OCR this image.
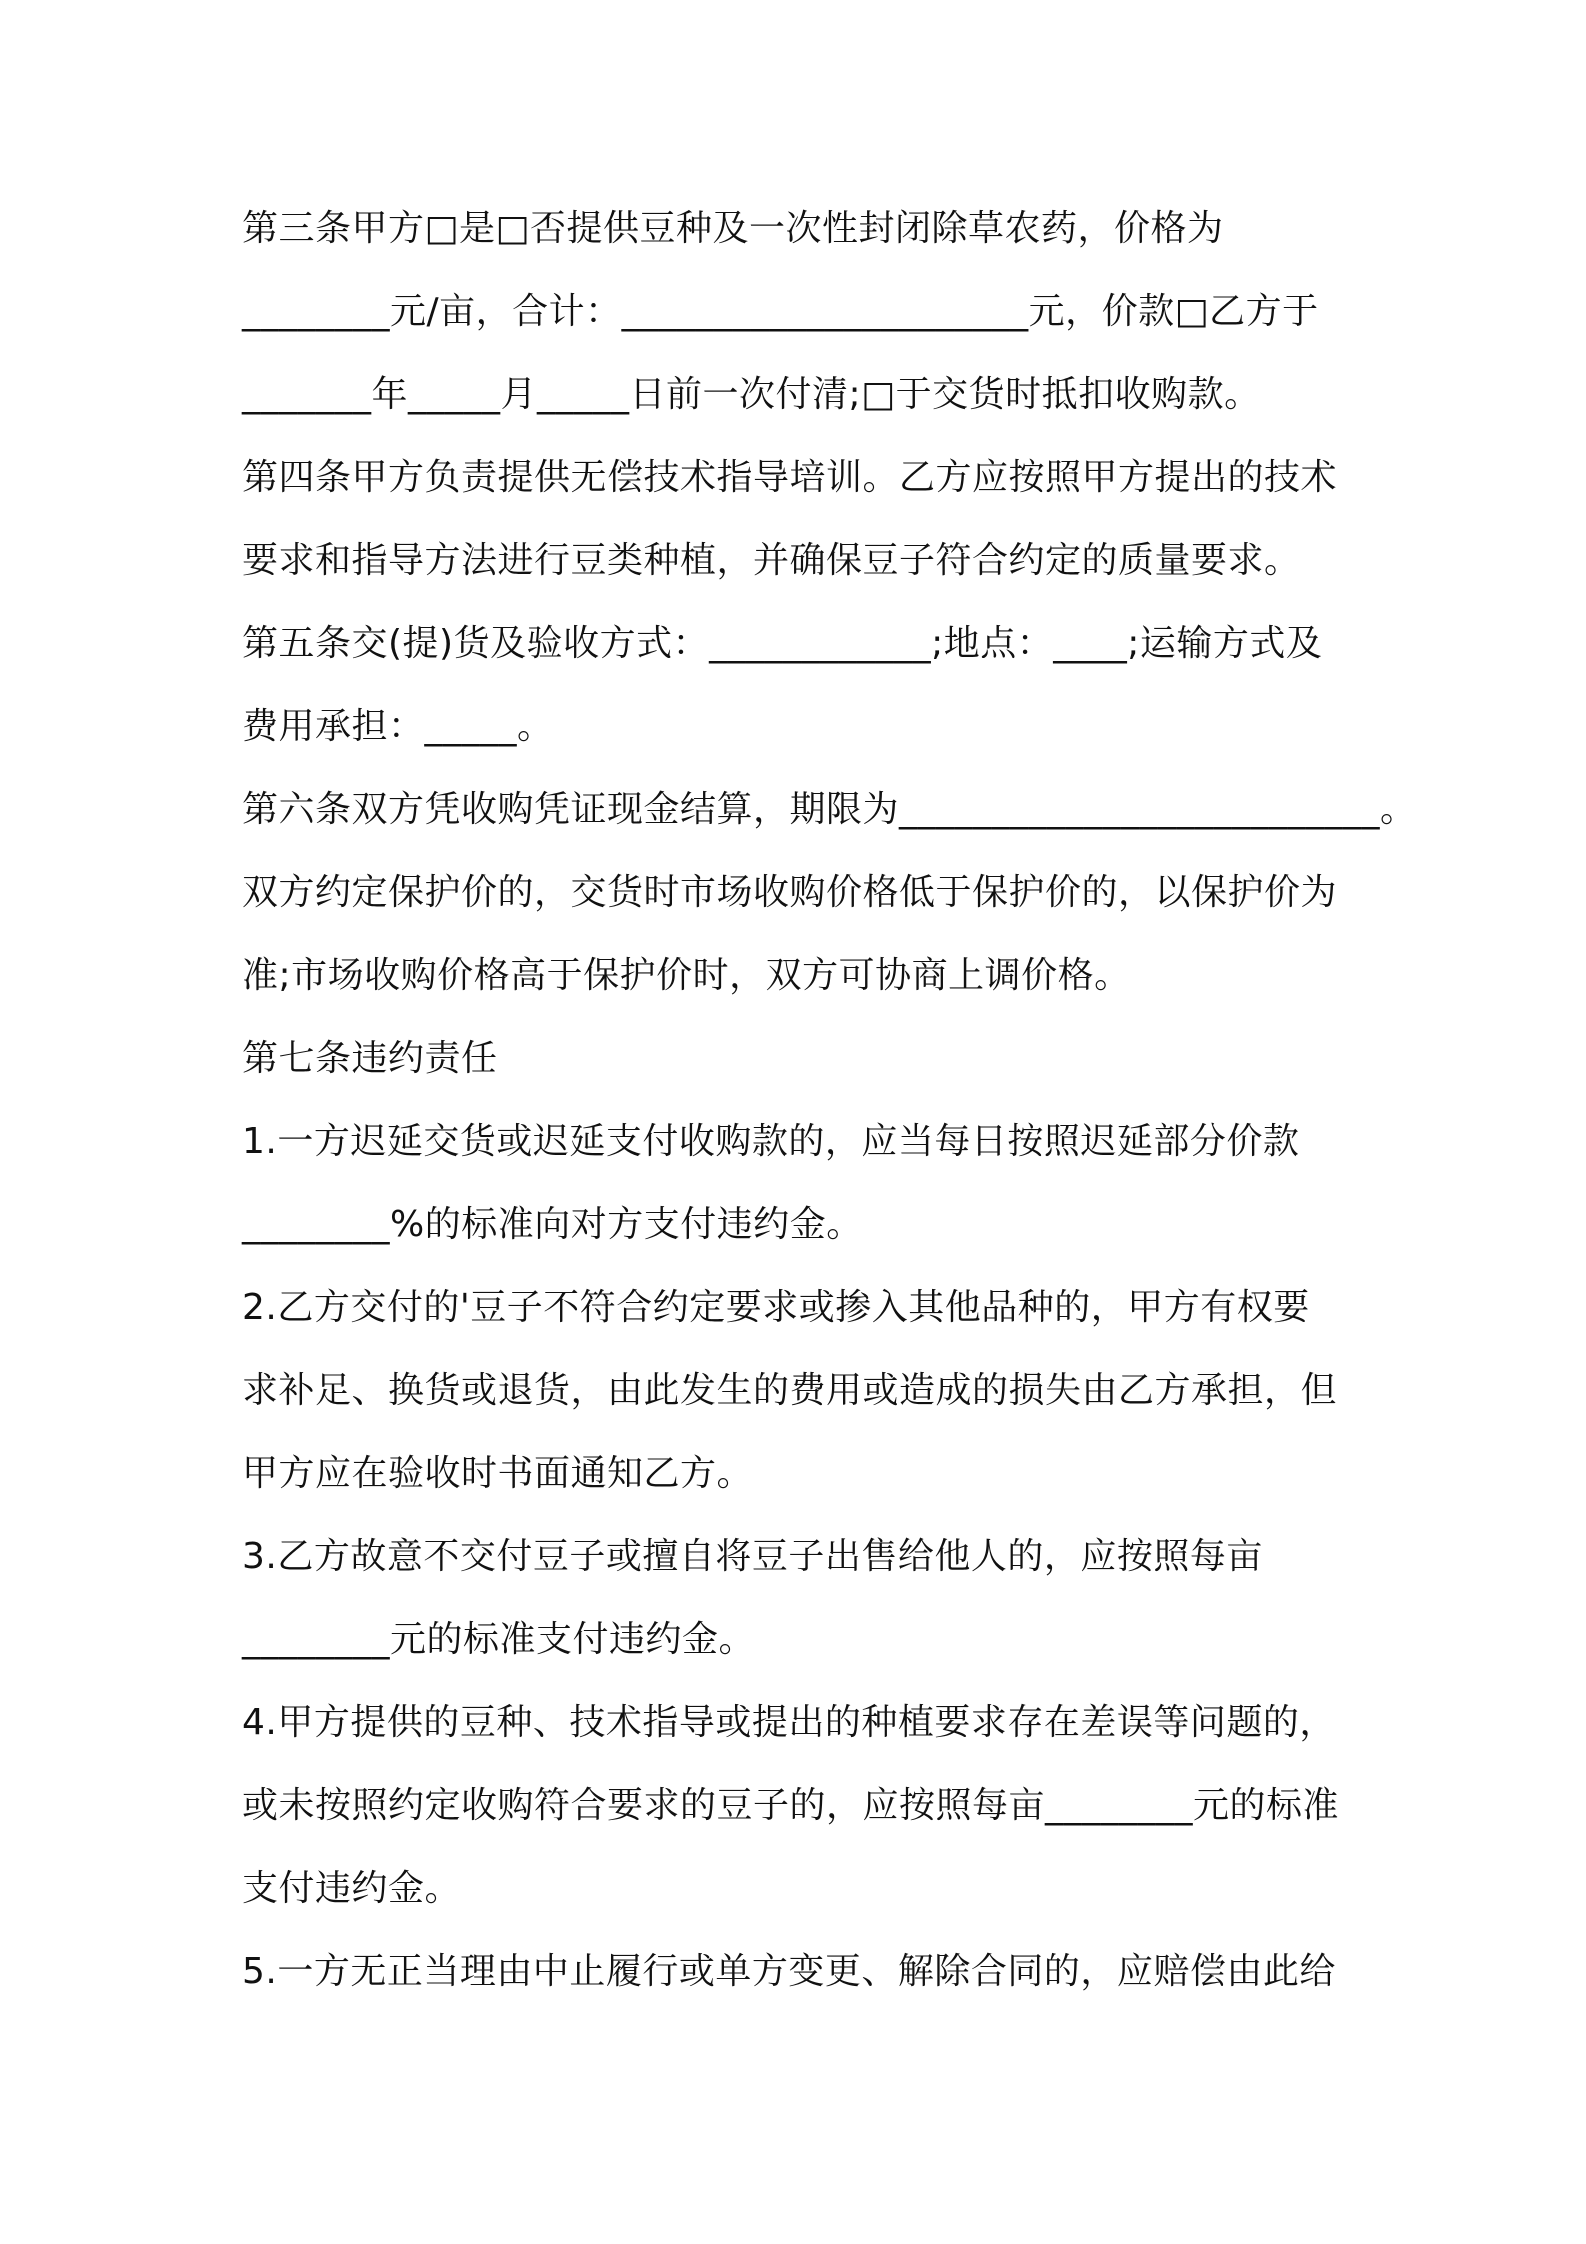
第三条甲方□是□否提供豆种及一次性封闭除草农药，价格为
________元/亩，合计：______________________元，价款□乙方于
_______年_____月_____日前一次付清;□于交货时抵扣收购款。
第四条甲方负责提供无偿技术指导培训。乙方应按照甲方提出的技术
要求和指导方法进行豆类种植，并确保豆子符合约定的质量要求。
第五条交(提)货及验收方式：____________;地点：____;运输方式及
费用承担：_____。
第六条双方凭收购凭证现金结算，期限为__________________________。
双方约定保护价的，交货时市场收购价格低于保护价的，以保护价为
准;市场收购价格高于保护价时，双方可协商上调价格。
第七条违约责任
1.一方迟延交货或迟延支付收购款的，应当每日按照迟延部分价款
________%的标准向对方支付违约金。
2.乙方交付的'豆子不符合约定要求或掺入其他品种的，甲方有权要
求补足、换货或退货，由此发生的费用或造成的损失由乙方承担，但
甲方应在验收时书面通知乙方。
3.乙方故意不交付豆子或擅自将豆子出售给他人的，应按照每亩
________元的标准支付违约金。
4.甲方提供的豆种、技术指导或提出的种植要求存在差误等问题的，
或未按照约定收购符合要求的豆子的，应按照每亩________元的标准
支付违约金。
5.一方无正当理由中止履行或单方变更、解除合同的，应赔偿由此给
